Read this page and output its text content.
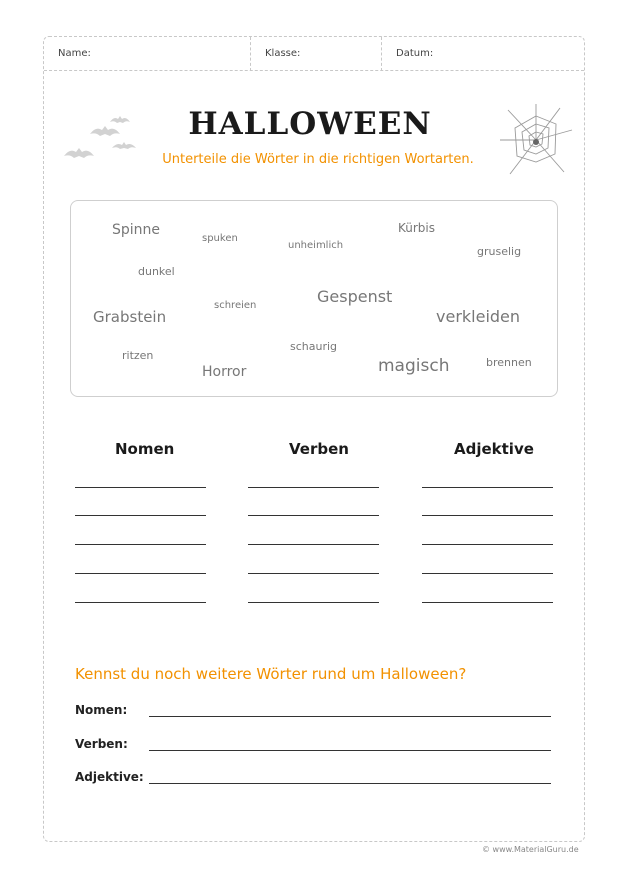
Name:	Klasse:	Datum:
HALLOWEEN
Unterteile die Wörter in die richtigen Wortarten.
Spinne
spuken
unheimlich
Kürbis
gruselig
dunkel
Gespenst
schreien
Grabstein	verkleiden
schaurig
ritzen
magisch	brennen
Horror
Nomen	Verben	Adjektive
Kennst du noch weitere Wörter rund um Halloween?
Nomen:
Verben:
Adjektive:
© www.MaterialGuru.de
